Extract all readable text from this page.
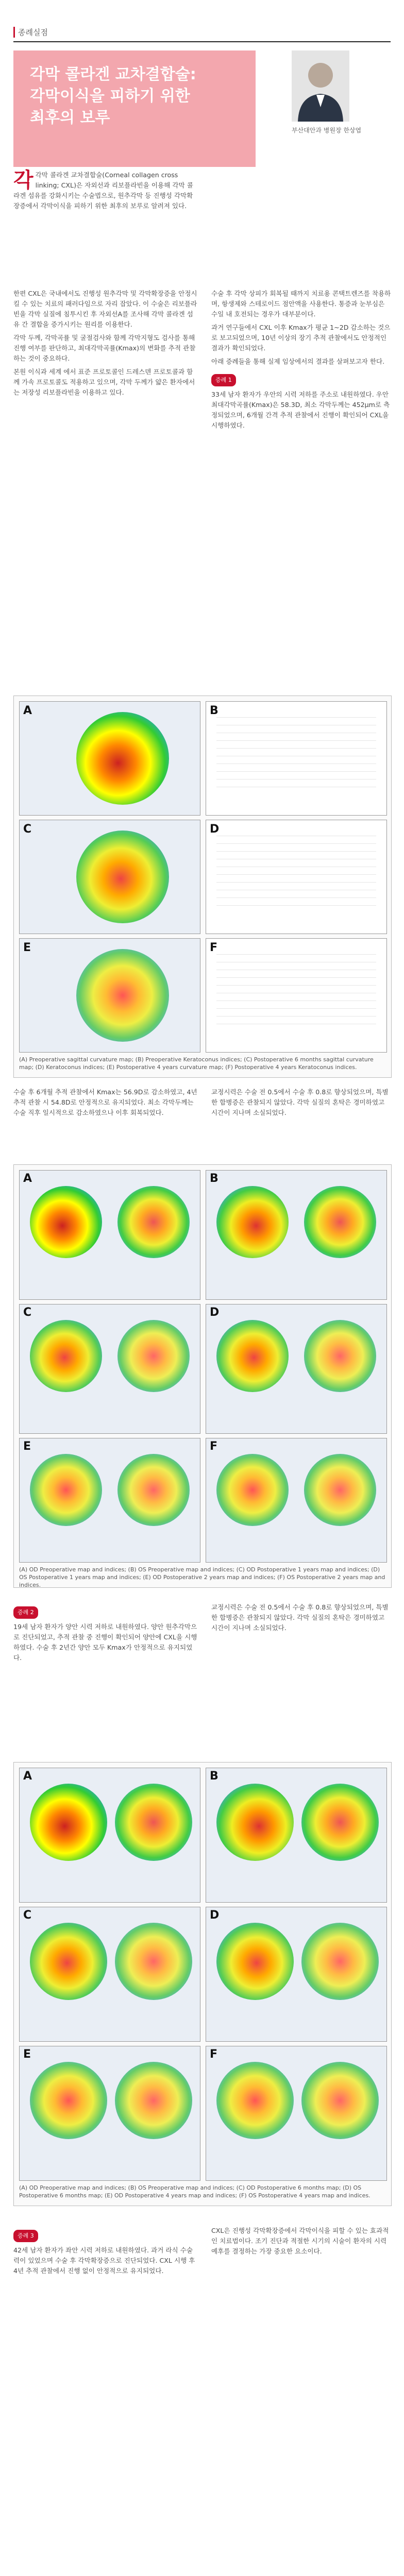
종례실점
각막 콜라겐 교차결합술:
각막이식을 피하기 위한
최후의 보루
부산대안과 병원장 한상엽
각 각막 콜라겐 교차결합술(Corneal collagen cross linking; CXL)은 자외선과 리보플라빈을 이용해 각막 콜라겐 섬유를 강화시키는 수술법으로, 원추각막 등 진행성 각막확장증에서 각막이식을 피하기 위한 최후의 보루로 알려져 있다.

한편 CXL은 국내에서도 진행성 원추각막 및 각막확장증을 안정시킬 수 있는 치료의 패러다임으로 자리 잡았다. 이 수술은 리보플라빈을 각막 실질에 침투시킨 후 자외선A를 조사해 각막 콜라겐 섬유 간 결합을 증가시키는 원리를 이용한다.

각막 두께, 각막곡률 및 굴절검사와 함께 각막지형도 검사를 통해 진행 여부를 판단하고, 최대각막곡률(Kmax)의 변화를 추적 관찰하는 것이 중요하다.

본원 이식과 세계 에서 표준 프로토콜인 드레스덴 프로토콜과 함께 가속 프로토콜도 적용하고 있으며, 각막 두께가 얇은 환자에서는 저장성 리보플라빈을 이용하고 있다.

수술 후 각막 상피가 회복될 때까지 치료용 콘택트렌즈를 착용하며, 항생제와 스테로이드 점안액을 사용한다. 통증과 눈부심은 수일 내 호전되는 경우가 대부분이다.

과거 연구들에서 CXL 이후 Kmax가 평균 1~2D 감소하는 것으로 보고되었으며, 10년 이상의 장기 추적 관찰에서도 안정적인 결과가 확인되었다.

아래 증례들을 통해 실제 임상에서의 결과를 살펴보고자 한다.

증례 1

33세 남자 환자가 우안의 시력 저하를 주소로 내원하였다. 우안 최대각막곡률(Kmax)은 58.3D, 최소 각막두께는 452μm로 측정되었으며, 6개월 간격 추적 관찰에서 진행이 확인되어 CXL을 시행하였다.

A	B
C	D
E	F
(A) Preoperative sagittal curvature map; (B) Preoperative Keratoconus indices; (C) Postoperative 6 months sagittal curvature map; (D) Keratoconus indices; (E) Postoperative 4 years curvature map; (F) Postoperative 4 years Keratoconus indices.

수술 후 6개월 추적 관찰에서 Kmax는 56.9D로 감소하였고, 4년 추적 관찰 시 54.8D로 안정적으로 유지되었다. 최소 각막두께는 수술 직후 일시적으로 감소하였으나 이후 회복되었다.

교정시력은 수술 전 0.5에서 수술 후 0.8로 향상되었으며, 특별한 합병증은 관찰되지 않았다. 각막 실질의 혼탁은 경미하였고 시간이 지나며 소실되었다.

A	B
C	D
E	F
(A) OD Preoperative map and indices; (B) OS Preoperative map and indices; (C) OD Postoperative 1 years map and indices; (D) OS Postoperative 1 years map and indices; (E) OD Postoperative 2 years map and indices; (F) OS Postoperative 2 years map and indices.
증례 2

19세 남자 환자가 양안 시력 저하로 내원하였다. 양안 원추각막으로 진단되었고, 추적 관찰 중 진행이 확인되어 양안에 CXL을 시행하였다. 수술 후 2년간 양안 모두 Kmax가 안정적으로 유지되었다.

교정시력은 수술 전 0.5에서 수술 후 0.8로 향상되었으며, 특별한 합병증은 관찰되지 않았다. 각막 실질의 혼탁은 경미하였고 시간이 지나며 소실되었다.

A	B
C	D
E	F
(A) OD Preoperative map and indices; (B) OS Preoperative map and indices; (C) OD Postoperative 6 months map; (D) OS Postoperative 6 months map; (E) OD Postoperative 4 years map and indices; (F) OS Postoperative 4 years map and indices.
증례 3

42세 남자 환자가 좌안 시력 저하로 내원하였다. 과거 라식 수술력이 있었으며 수술 후 각막확장증으로 진단되었다. CXL 시행 후 4년 추적 관찰에서 진행 없이 안정적으로 유지되었다.

CXL은 진행성 각막확장증에서 각막이식을 피할 수 있는 효과적인 치료법이다. 조기 진단과 적절한 시기의 시술이 환자의 시력 예후를 결정하는 가장 중요한 요소이다.
